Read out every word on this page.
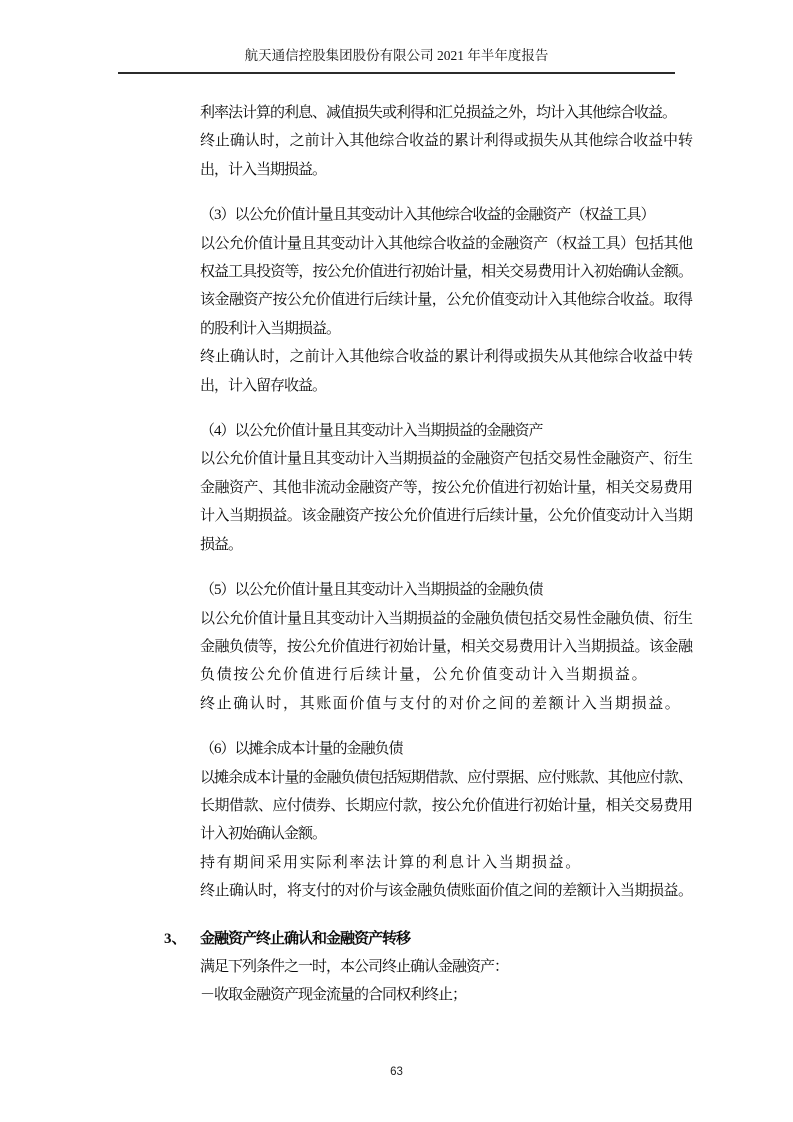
航天通信控股集团股份有限公司 2021 年半年度报告
利率法计算的利息、减值损失或利得和汇兑损益之外，均计入其他综合收益。
终止确认时，之前计入其他综合收益的累计利得或损失从其他综合收益中转
出，计入当期损益。
（3）以公允价值计量且其变动计入其他综合收益的金融资产（权益工具）
以公允价值计量且其变动计入其他综合收益的金融资产（权益工具）包括其他
权益工具投资等，按公允价值进行初始计量，相关交易费用计入初始确认金额。
该金融资产按公允价值进行后续计量，公允价值变动计入其他综合收益。取得
的股利计入当期损益。
终止确认时，之前计入其他综合收益的累计利得或损失从其他综合收益中转
出，计入留存收益。
（4）以公允价值计量且其变动计入当期损益的金融资产
以公允价值计量且其变动计入当期损益的金融资产包括交易性金融资产、衍生
金融资产、其他非流动金融资产等，按公允价值进行初始计量，相关交易费用
计入当期损益。该金融资产按公允价值进行后续计量，公允价值变动计入当期
损益。
（5）以公允价值计量且其变动计入当期损益的金融负债
以公允价值计量且其变动计入当期损益的金融负债包括交易性金融负债、衍生
金融负债等，按公允价值进行初始计量，相关交易费用计入当期损益。该金融
负债按公允价值进行后续计量，公允价值变动计入当期损益。
终止确认时，其账面价值与支付的对价之间的差额计入当期损益。
（6）以摊余成本计量的金融负债
以摊余成本计量的金融负债包括短期借款、应付票据、应付账款、其他应付款、
长期借款、应付债券、长期应付款，按公允价值进行初始计量，相关交易费用
计入初始确认金额。
持有期间采用实际利率法计算的利息计入当期损益。
终止确认时，将支付的对价与该金融负债账面价值之间的差额计入当期损益。
3、 金融资产终止确认和金融资产转移
满足下列条件之一时，本公司终止确认金融资产：
－收取金融资产现金流量的合同权利终止；
63
